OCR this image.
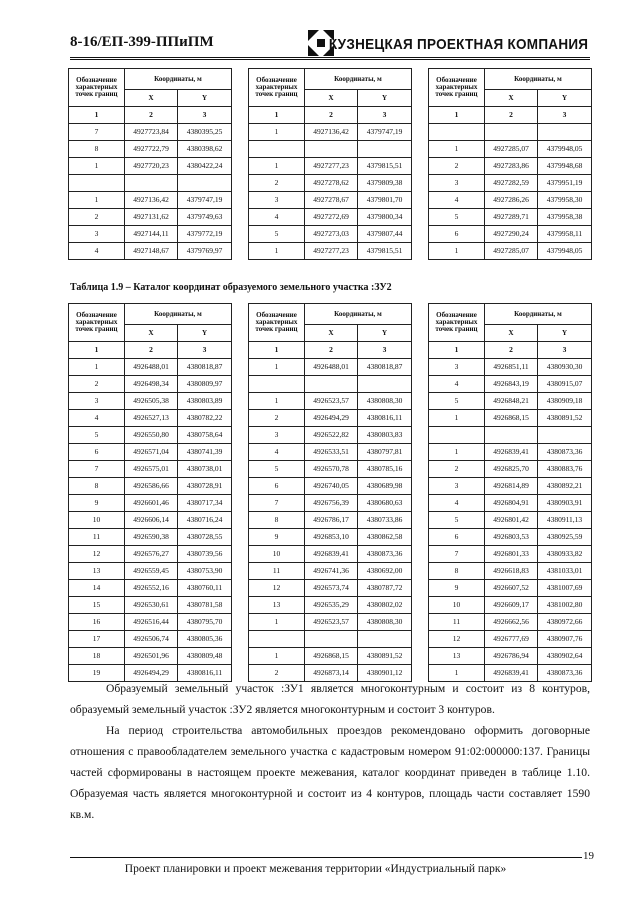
8-16/ЕП-399-ППиПМ	КУЗНЕЦКАЯ ПРОЕКТНАЯ КОМПАНИЯ
Обозначение характерных точек границ	Координаты, м	
	X	Y
1	2	3
7	4927723,84	4380395,25
8	4927722,79	4380398,62
1	4927720,23	4380422,24

1	4927136,42	4379747,19
2	4927131,62	4379749,63
3	4927144,11	4379772,19
4	4927148,67	4379769,97
Обозначение характерных точек границ	Координаты, м	
	X	Y
1	2	3
1	4927136,42	4379747,19

1	4927277,23	4379815,51
2	4927278,62	4379809,38
3	4927278,67	4379801,70
4	4927272,69	4379800,34
5	4927273,03	4379807,44
1	4927277,23	4379815,51
Обозначение характерных точек границ	Координаты, м	
	X	Y
1	2	3

1	4927285,07	4379948,05
2	4927283,86	4379948,68
3	4927282,59	4379951,19
4	4927286,26	4379958,30
5	4927289,71	4379958,38
6	4927290,24	4379958,11
1	4927285,07	4379948,05
Таблица 1.9 – Каталог координат образуемого земельного участка :ЗУ2
Обозначение характерных точек границ	Координаты, м	
	X	Y
1	2	3
1	4926488,01	4380818,87
2	4926498,34	4380809,97
3	4926505,38	4380803,89
4	4926527,13	4380782,22
5	4926550,80	4380758,64
6	4926571,04	4380741,39
7	4926575,01	4380738,01
8	4926586,66	4380728,91
9	4926601,46	4380717,34
10	4926606,14	4380716,24
11	4926590,38	4380728,55
12	4926576,27	4380739,56
13	4926559,45	4380753,90
14	4926552,16	4380760,11
15	4926530,61	4380781,58
16	4926516,44	4380795,70
17	4926506,74	4380805,36
18	4926501,96	4380809,48
19	4926494,29	4380816,11
Обозначение характерных точек границ	Координаты, м	
	X	Y
1	2	3
1	4926488,01	4380818,87

1	4926523,57	4380808,30
2	4926494,29	4380816,11
3	4926522,82	4380803,83
4	4926533,51	4380797,81
5	4926570,78	4380785,16
6	4926740,05	4380689,98
7	4926756,39	4380680,63
8	4926786,17	4380733,86
9	4926853,10	4380862,58
10	4926839,41	4380873,36
11	4926741,36	4380692,00
12	4926573,74	4380787,72
13	4926535,29	4380802,02
1	4926523,57	4380808,30

1	4926868,15	4380891,52
2	4926873,14	4380901,12
Обозначение характерных точек границ	Координаты, м	
	X	Y
1	2	3
3	4926851,11	4380930,30
4	4926843,19	4380915,07
5	4926848,21	4380909,18
1	4926868,15	4380891,52

1	4926839,41	4380873,36
2	4926825,70	4380883,76
3	4926814,89	4380892,21
4	4926804,91	4380903,91
5	4926801,42	4380911,13
6	4926803,53	4380925,59
7	4926801,33	4380933,82
8	4926618,83	4381033,01
9	4926607,52	4381007,69
10	4926609,17	4381002,80
11	4926662,56	4380972,66
12	4926777,69	4380907,76
13	4926786,94	4380902,64
1	4926839,41	4380873,36
Образуемый земельный участок :ЗУ1 является многоконтурным и состоит из 8 контуров, образуемый земельный участок :ЗУ2 является многоконтурным и состоит 3 контуров.
На период строительства автомобильных проездов рекомендовано оформить договорные отношения с правообладателем земельного участка с кадастровым номером 91:02:000000:137. Границы частей сформированы в настоящем проекте межевания, каталог координат приведен в таблице 1.10. Образуемая часть является многоконтурной и состоит из 4 контуров, площадь части составляет 1590 кв.м.
19
Проект планировки и проект межевания территории «Индустриальный парк»
